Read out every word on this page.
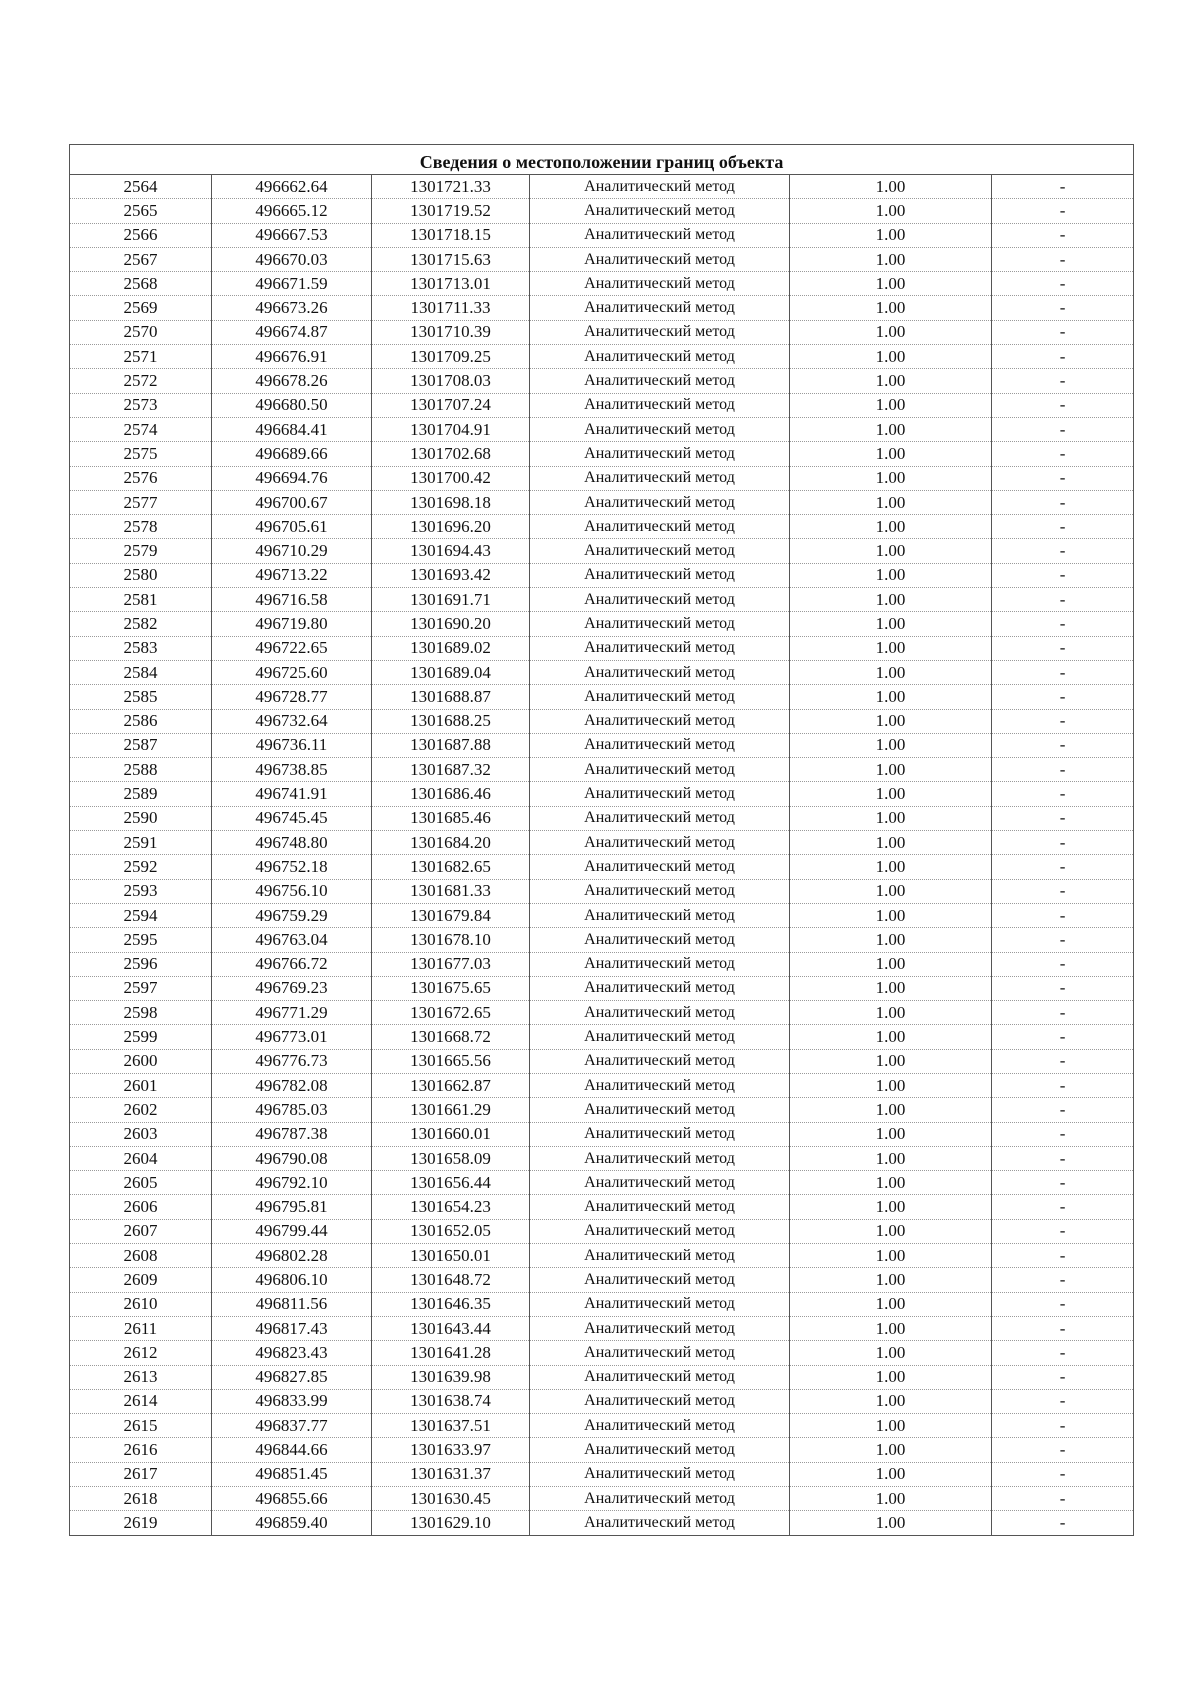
Сведения о местоположении границ объекта					
2564	496662.64	1301721.33	Аналитический метод	1.00	-
2565	496665.12	1301719.52	Аналитический метод	1.00	-
2566	496667.53	1301718.15	Аналитический метод	1.00	-
2567	496670.03	1301715.63	Аналитический метод	1.00	-
2568	496671.59	1301713.01	Аналитический метод	1.00	-
2569	496673.26	1301711.33	Аналитический метод	1.00	-
2570	496674.87	1301710.39	Аналитический метод	1.00	-
2571	496676.91	1301709.25	Аналитический метод	1.00	-
2572	496678.26	1301708.03	Аналитический метод	1.00	-
2573	496680.50	1301707.24	Аналитический метод	1.00	-
2574	496684.41	1301704.91	Аналитический метод	1.00	-
2575	496689.66	1301702.68	Аналитический метод	1.00	-
2576	496694.76	1301700.42	Аналитический метод	1.00	-
2577	496700.67	1301698.18	Аналитический метод	1.00	-
2578	496705.61	1301696.20	Аналитический метод	1.00	-
2579	496710.29	1301694.43	Аналитический метод	1.00	-
2580	496713.22	1301693.42	Аналитический метод	1.00	-
2581	496716.58	1301691.71	Аналитический метод	1.00	-
2582	496719.80	1301690.20	Аналитический метод	1.00	-
2583	496722.65	1301689.02	Аналитический метод	1.00	-
2584	496725.60	1301689.04	Аналитический метод	1.00	-
2585	496728.77	1301688.87	Аналитический метод	1.00	-
2586	496732.64	1301688.25	Аналитический метод	1.00	-
2587	496736.11	1301687.88	Аналитический метод	1.00	-
2588	496738.85	1301687.32	Аналитический метод	1.00	-
2589	496741.91	1301686.46	Аналитический метод	1.00	-
2590	496745.45	1301685.46	Аналитический метод	1.00	-
2591	496748.80	1301684.20	Аналитический метод	1.00	-
2592	496752.18	1301682.65	Аналитический метод	1.00	-
2593	496756.10	1301681.33	Аналитический метод	1.00	-
2594	496759.29	1301679.84	Аналитический метод	1.00	-
2595	496763.04	1301678.10	Аналитический метод	1.00	-
2596	496766.72	1301677.03	Аналитический метод	1.00	-
2597	496769.23	1301675.65	Аналитический метод	1.00	-
2598	496771.29	1301672.65	Аналитический метод	1.00	-
2599	496773.01	1301668.72	Аналитический метод	1.00	-
2600	496776.73	1301665.56	Аналитический метод	1.00	-
2601	496782.08	1301662.87	Аналитический метод	1.00	-
2602	496785.03	1301661.29	Аналитический метод	1.00	-
2603	496787.38	1301660.01	Аналитический метод	1.00	-
2604	496790.08	1301658.09	Аналитический метод	1.00	-
2605	496792.10	1301656.44	Аналитический метод	1.00	-
2606	496795.81	1301654.23	Аналитический метод	1.00	-
2607	496799.44	1301652.05	Аналитический метод	1.00	-
2608	496802.28	1301650.01	Аналитический метод	1.00	-
2609	496806.10	1301648.72	Аналитический метод	1.00	-
2610	496811.56	1301646.35	Аналитический метод	1.00	-
2611	496817.43	1301643.44	Аналитический метод	1.00	-
2612	496823.43	1301641.28	Аналитический метод	1.00	-
2613	496827.85	1301639.98	Аналитический метод	1.00	-
2614	496833.99	1301638.74	Аналитический метод	1.00	-
2615	496837.77	1301637.51	Аналитический метод	1.00	-
2616	496844.66	1301633.97	Аналитический метод	1.00	-
2617	496851.45	1301631.37	Аналитический метод	1.00	-
2618	496855.66	1301630.45	Аналитический метод	1.00	-
2619	496859.40	1301629.10	Аналитический метод	1.00	-
